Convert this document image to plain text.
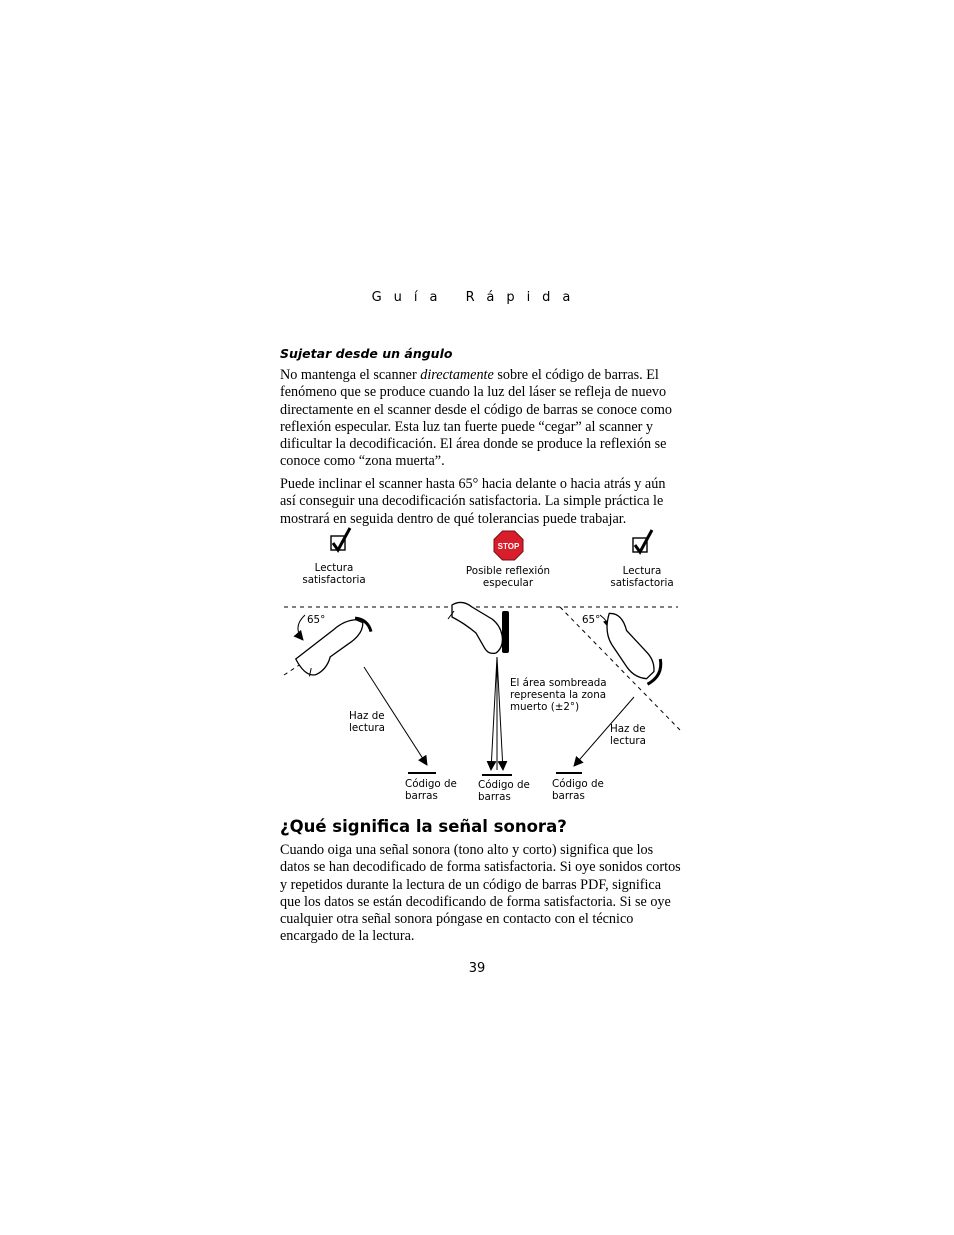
Guía Rápida
Sujetar desde un ángulo

No mantenga el scanner directamente sobre el código de barras. El fenómeno que se produce cuando la luz del láser se refleja de nuevo directamente en el scanner desde el código de barras se conoce como reflexión especular. Esta luz tan fuerte puede “cegar” al scanner y dificultar la decodificación. El área donde se produce la reflexión se conoce como “zona muerta”.

Puede inclinar el scanner hasta 65° hacia delante o hacia atrás y aún así conseguir una decodificación satisfactoria. La simple práctica le mostrará en seguida dentro de qué tolerancias puede trabajar.

STOP
Lectura
satisfactoria
Posible reflexión
especular
Lectura
satisfactoria
65°	65°
El área sombreada
representa la zona
muerto (±2°)
Haz de
lectura	Haz de
lectura
Código de
barras
Código de
barras
Código de
barras
¿Qué significa la señal sonora?

Cuando oiga una señal sonora (tono alto y corto) significa que los datos se han decodificado de forma satisfactoria. Si oye sonidos cortos y repetidos durante la lectura de un código de barras PDF, significa que los datos se están decodificando de forma satisfactoria. Si se oye cualquier otra señal sonora póngase en contacto con el técnico encargado de la lectura.

39
